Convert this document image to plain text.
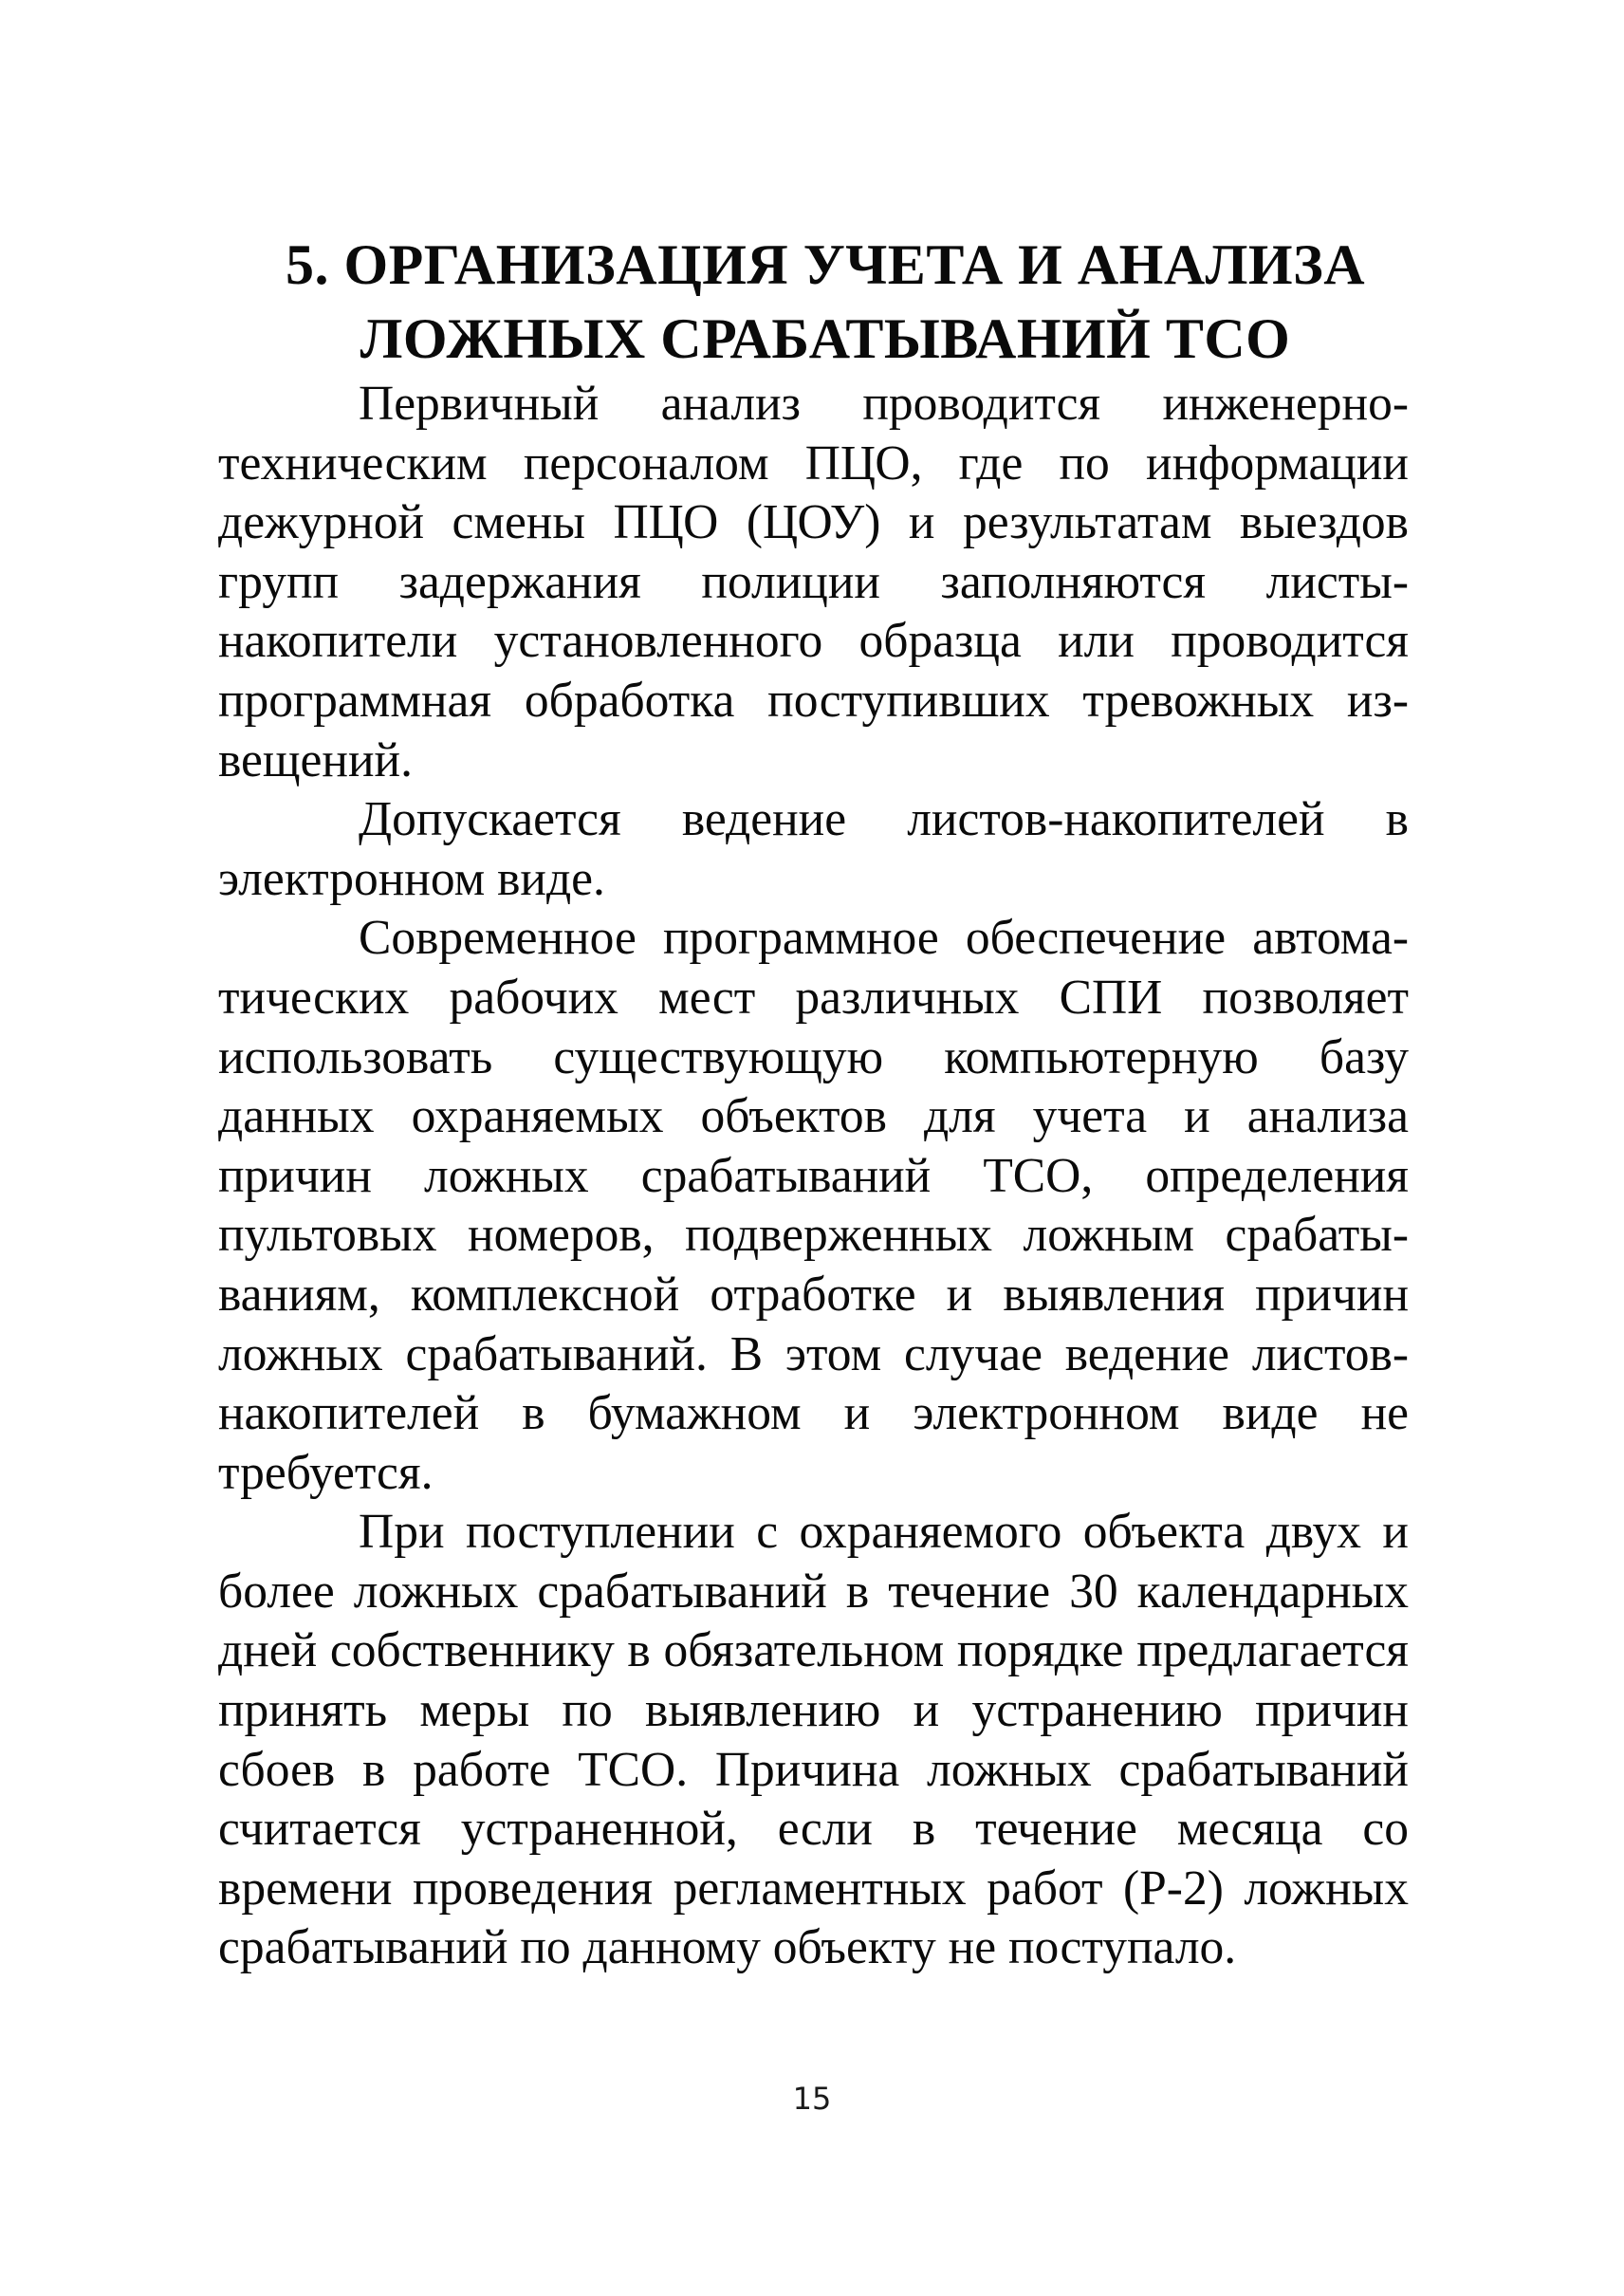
5. ОРГАНИЗАЦИЯ УЧЕТА И АНАЛИЗА
ЛОЖНЫХ СРАБАТЫВАНИЙ ТСО

Первичный анализ проводится инженерно-техническим персоналом ПЦО, где по информации дежурной смены ПЦО (ЦОУ) и результатам выездов групп задержания полиции заполняются листы-накопители установленного образца или проводится программная обработка поступивших тревожных извещений.

Допускается ведение листов-накопителей в электронном виде.

Современное программное обеспечение автоматических рабочих мест различных СПИ позволяет использовать существующую компьютерную базу данных охраняемых объектов для учета и анализа причин ложных срабатываний ТСО, определения пультовых номеров, подверженных ложным срабатываниям, комплексной отработке и выявления причин ложных срабатываний. В этом случае ведение листов-накопителей в бумажном и электронном виде не требуется.

При поступлении с охраняемого объекта двух и более ложных срабатываний в течение 30 календарных дней собственнику в обязательном порядке предлагается принять меры по выявлению и устранению причин сбоев в работе ТСО. Причина ложных срабатываний считается устраненной, если в течение месяца со времени проведения регламентных работ (Р-2) ложных срабатываний по данному объекту не поступало.

15
